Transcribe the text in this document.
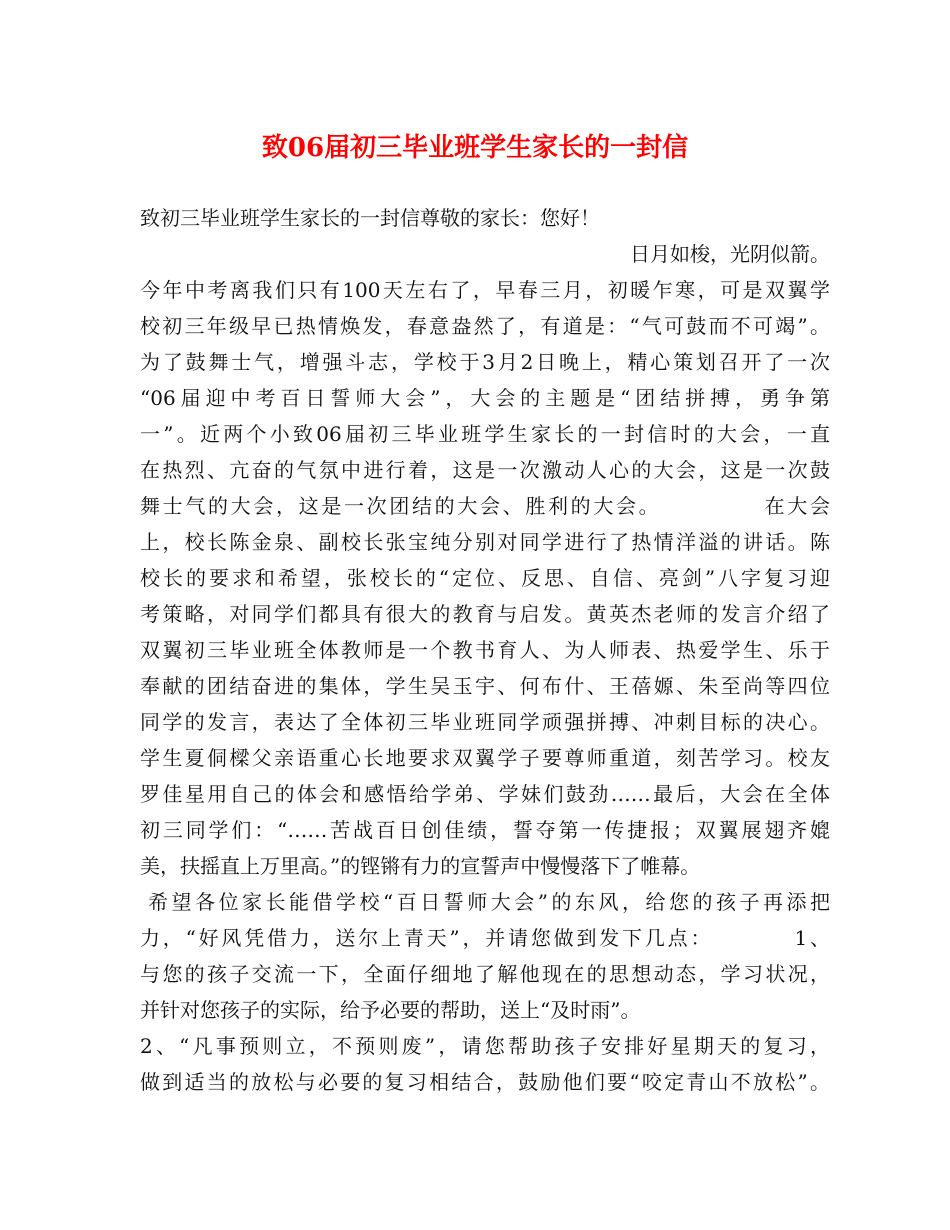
致06届初三毕业班学生家长的一封信
致初三毕业班学生家长的一封信尊敬的家长：您好！
日月如梭，光阴似箭。
今年中考离我们只有100天左右了，早春三月，初暖乍寒，可是双翼学
校初三年级早已热情焕发，春意盎然了，有道是：“气可鼓而不可竭”。
为了鼓舞士气，增强斗志，学校于3月2日晚上，精心策划召开了一次
“06届迎中考百日誓师大会”，大会的主题是“团结拼搏，勇争第
一”。近两个小致06届初三毕业班学生家长的一封信时的大会，一直
在热烈、亢奋的气氛中进行着，这是一次激动人心的大会，这是一次鼓
舞士气的大会，这是一次团结的大会、胜利的大会。　　　　　在大会
上，校长陈金泉、副校长张宝纯分别对同学进行了热情洋溢的讲话。陈
校长的要求和希望，张校长的“定位、反思、自信、亮剑”八字复习迎
考策略，对同学们都具有很大的教育与启发。黄英杰老师的发言介绍了
双翼初三毕业班全体教师是一个教书育人、为人师表、热爱学生、乐于
奉献的团结奋进的集体，学生吴玉宇、何布什、王蓓嫄、朱至尚等四位
同学的发言，表达了全体初三毕业班同学顽强拼搏、冲刺目标的决心。
学生夏侗樑父亲语重心长地要求双翼学子要尊师重道，刻苦学习。校友
罗佳星用自己的体会和感悟给学弟、学妹们鼓劲……最后，大会在全体
初三同学们：“……苦战百日创佳绩，誓夺第一传捷报；双翼展翅齐媲
美，扶摇直上万里高。”的铿锵有力的宣誓声中慢慢落下了帷幕。
希望各位家长能借学校“百日誓师大会”的东风，给您的孩子再添把
力，“好风凭借力，送尔上青天”，并请您做到发下几点：　　　　1、
与您的孩子交流一下，全面仔细地了解他现在的思想动态，学习状况，
并针对您孩子的实际，给予必要的帮助，送上“及时雨”。
2、“凡事预则立，不预则废”，请您帮助孩子安排好星期天的复习，
做到适当的放松与必要的复习相结合，鼓励他们要“咬定青山不放松”。
